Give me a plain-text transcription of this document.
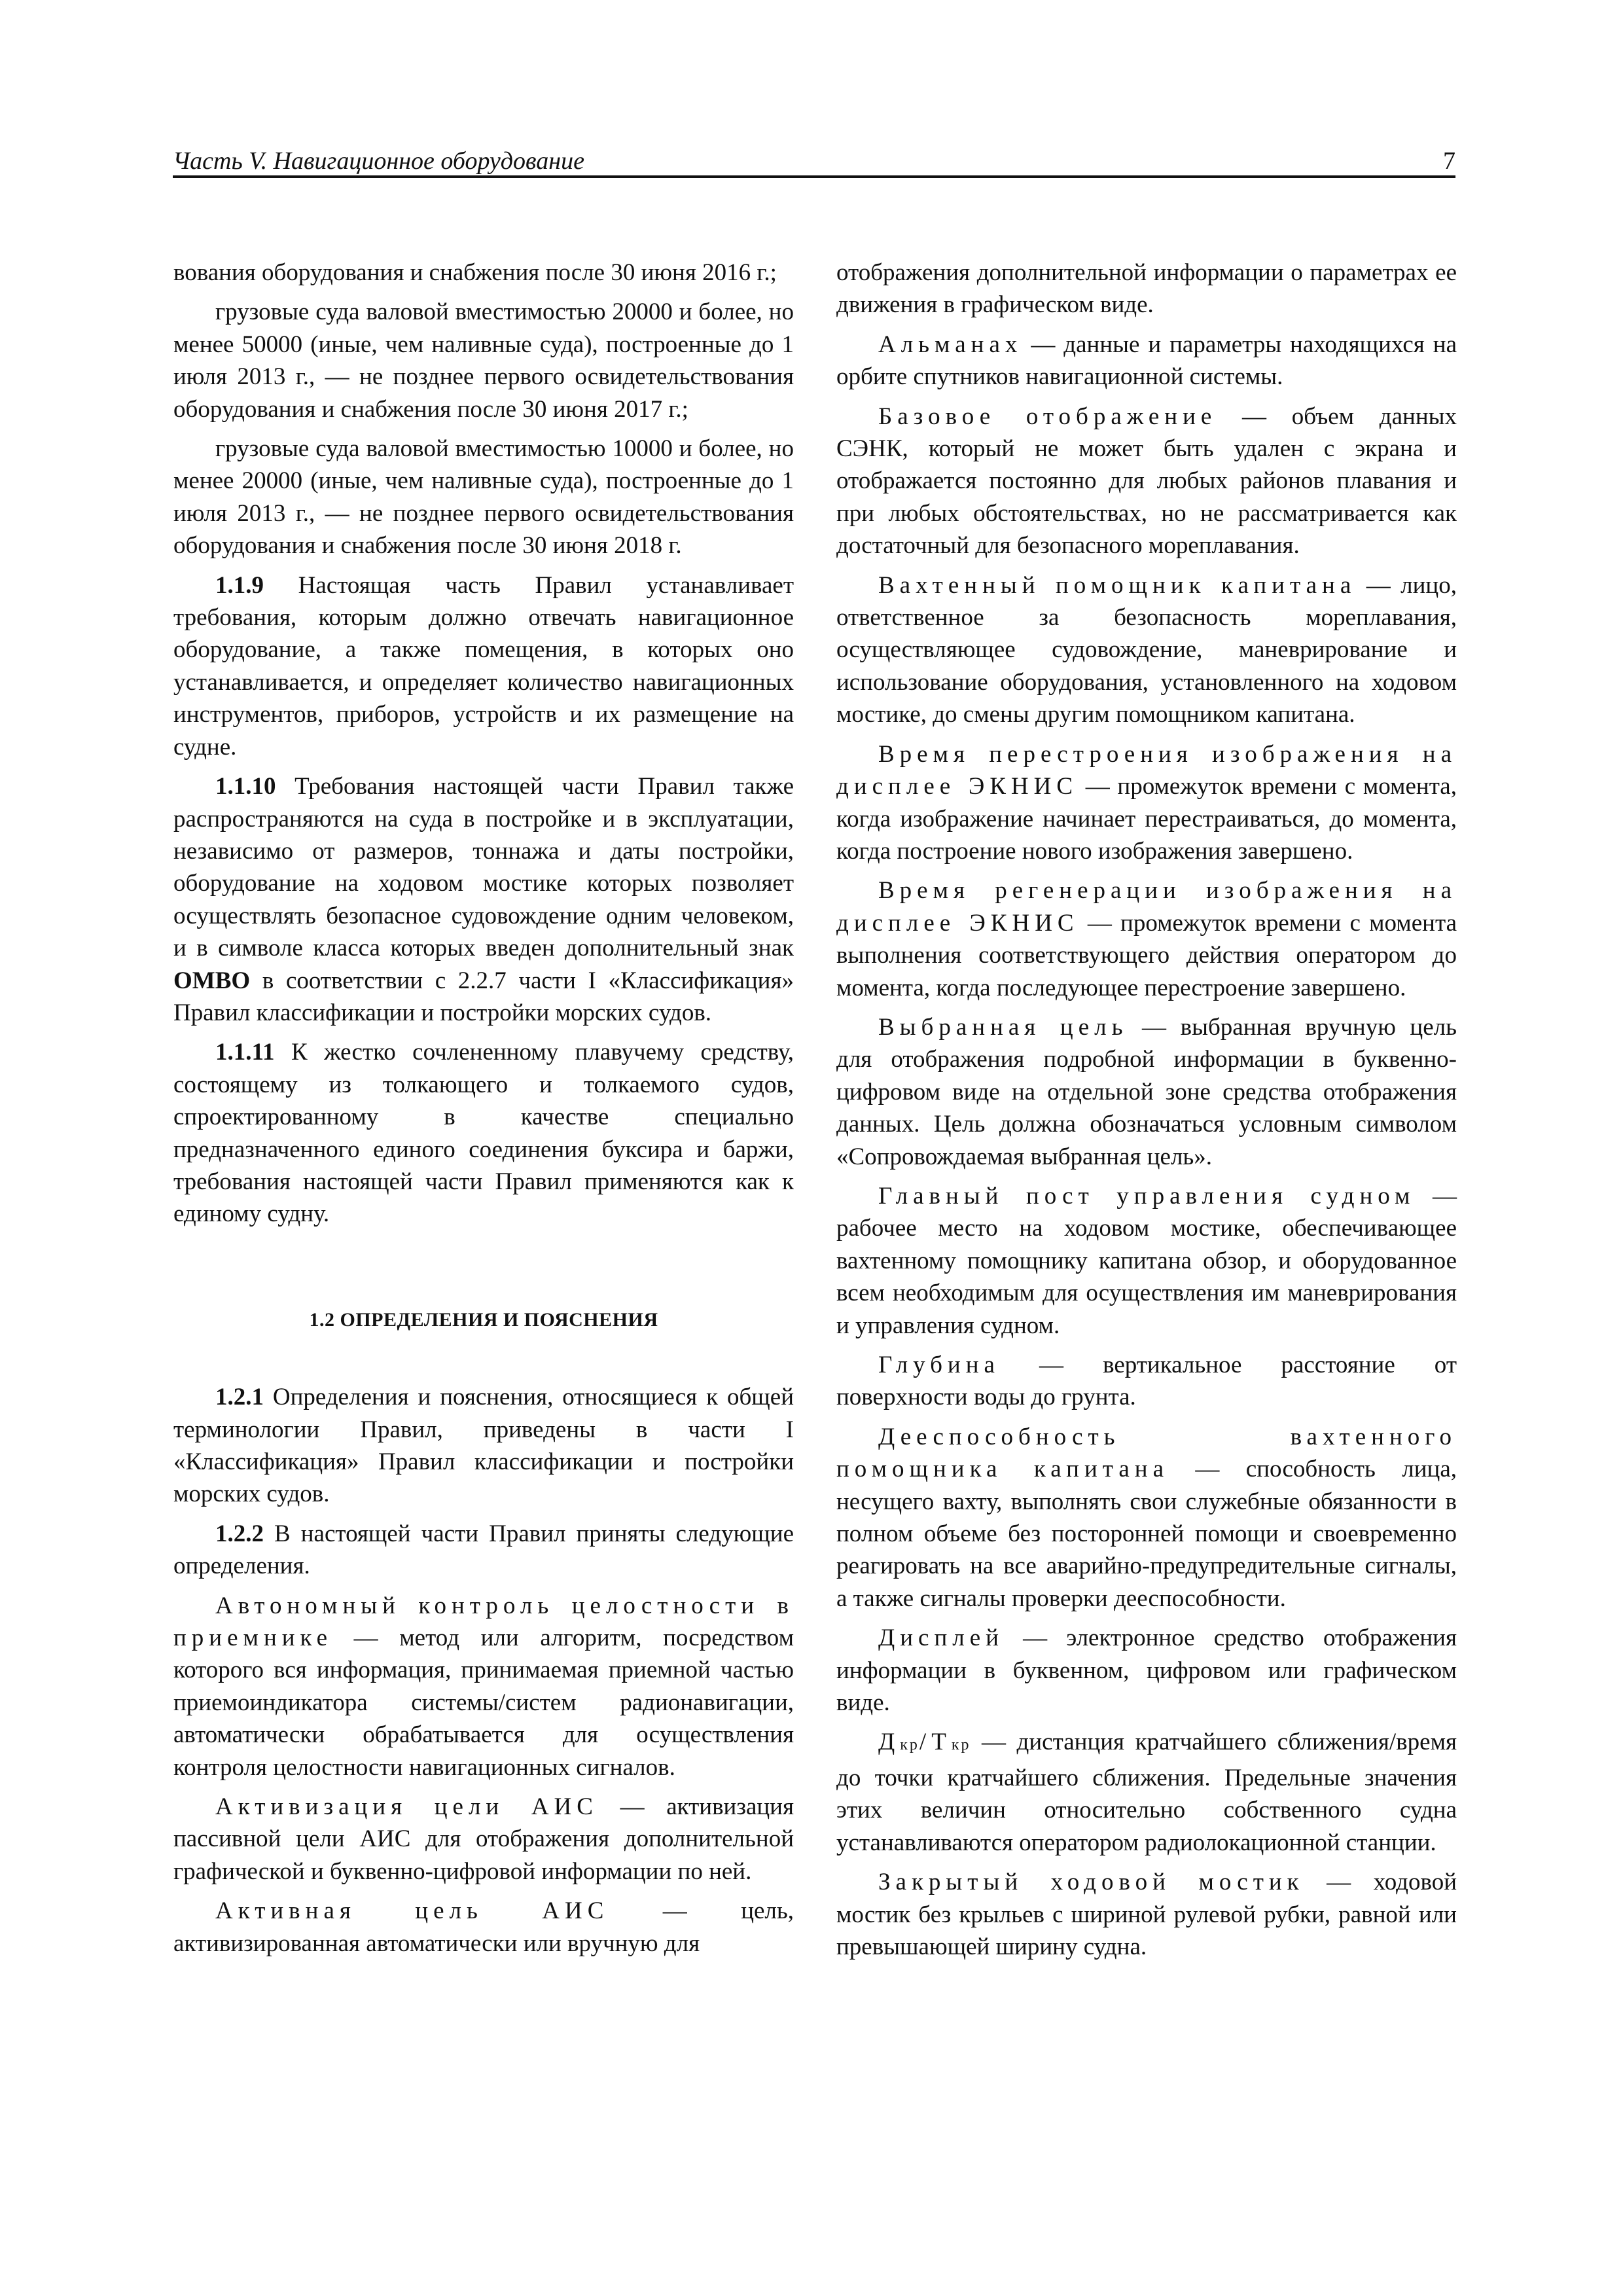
Часть V. Навигационное оборудование	7

вования оборудования и снабжения после 30 июня 2016 г.;

грузовые суда валовой вместимостью 20000 и более, но менее 50000 (иные, чем наливные суда), построенные до 1 июля 2013 г., — не позднее первого освидетельствования оборудования и снабжения после 30 июня 2017 г.;

грузовые суда валовой вместимостью 10000 и более, но менее 20000 (иные, чем наливные суда), построенные до 1 июля 2013 г., — не позднее первого освидетельствования оборудования и снабжения после 30 июня 2018 г.

1.1.9 Настоящая часть Правил устанавливает требования, которым должно отвечать навигационное оборудование, а также помещения, в которых оно устанавливается, и определяет количество навигационных инструментов, приборов, устройств и их размещение на судне.

1.1.10 Требования настоящей части Правил также распространяются на суда в постройке и в эксплуатации, независимо от размеров, тоннажа и даты постройки, оборудование на ходовом мостике которых позволяет осуществлять безопасное судовождение одним человеком, и в символе класса которых введен дополнительный знак OMBO в соответствии с 2.2.7 части I «Классификация» Правил классификации и постройки морских судов.

1.1.11 К жестко сочлененному плавучему средству, состоящему из толкающего и толкаемого судов, спроектированному в качестве специально предназначенного единого соединения буксира и баржи, требования настоящей части Правил применяются как к единому судну.

1.2 ОПРЕДЕЛЕНИЯ И ПОЯСНЕНИЯ

1.2.1 Определения и пояснения, относящиеся к общей терминологии Правил, приведены в части I «Классификация» Правил классификации и постройки морских судов.

1.2.2 В настоящей части Правил приняты следующие определения.

Автономный контроль целостности в приемнике — метод или алгоритм, посредством которого вся информация, принимаемая приемной частью приемоиндикатора системы/систем радионавигации, автоматически обрабатывается для осуществления контроля целостности навигационных сигналов.

Активизация цели АИС — активизация пассивной цели АИС для отображения дополнительной графической и буквенно-цифровой информации по ней.

Активная цель АИС — цель, активизированная автоматически или вручную для

отображения дополнительной информации о параметрах ее движения в графическом виде.

Альманах — данные и параметры находящихся на орбите спутников навигационной системы.

Базовое отображение — объем данных СЭНК, который не может быть удален с экрана и отображается постоянно для любых районов плавания и при любых обстоятельствах, но не рассматривается как достаточный для безопасного мореплавания.

Вахтенный помощник капитана — лицо, ответственное за безопасность мореплавания, осуществляющее судовождение, маневрирование и использование оборудования, установленного на ходовом мостике, до смены другим помощником капитана.

Время перестроения изображения на дисплее ЭКНИС — промежуток времени с момента, когда изображение начинает перестраиваться, до момента, когда построение нового изображения завершено.

Время регенерации изображения на дисплее ЭКНИС — промежуток времени с момента выполнения соответствующего действия оператором до момента, когда последующее перестроение завершено.

Выбранная цель — выбранная вручную цель для отображения подробной информации в буквенно-цифровом виде на отдельной зоне средства отображения данных. Цель должна обозначаться условным символом «Сопровождаемая выбранная цель».

Главный пост управления судном — рабочее место на ходовом мостике, обеспечивающее вахтенному помощнику капитана обзор, и оборудованное всем необходимым для осуществления им маневрирования и управления судном.

Глубина — вертикальное расстояние от поверхности воды до грунта.

Дееспособность вахтенного помощника капитана — способность лица, несущего вахту, выполнять свои служебные обязанности в полном объеме без посторонней помощи и своевременно реагировать на все аварийно-предупредительные сигналы, а также сигналы проверки дееспособности.

Дисплей — электронное средство отображения информации в буквенном, цифровом или графическом виде.

Дкр/Ткр — дистанция кратчайшего сближения/время до точки кратчайшего сближения. Предельные значения этих величин относительно собственного судна устанавливаются оператором радиолокационной станции.

Закрытый ходовой мостик — ходовой мостик без крыльев с шириной рулевой рубки, равной или превышающей ширину судна.
